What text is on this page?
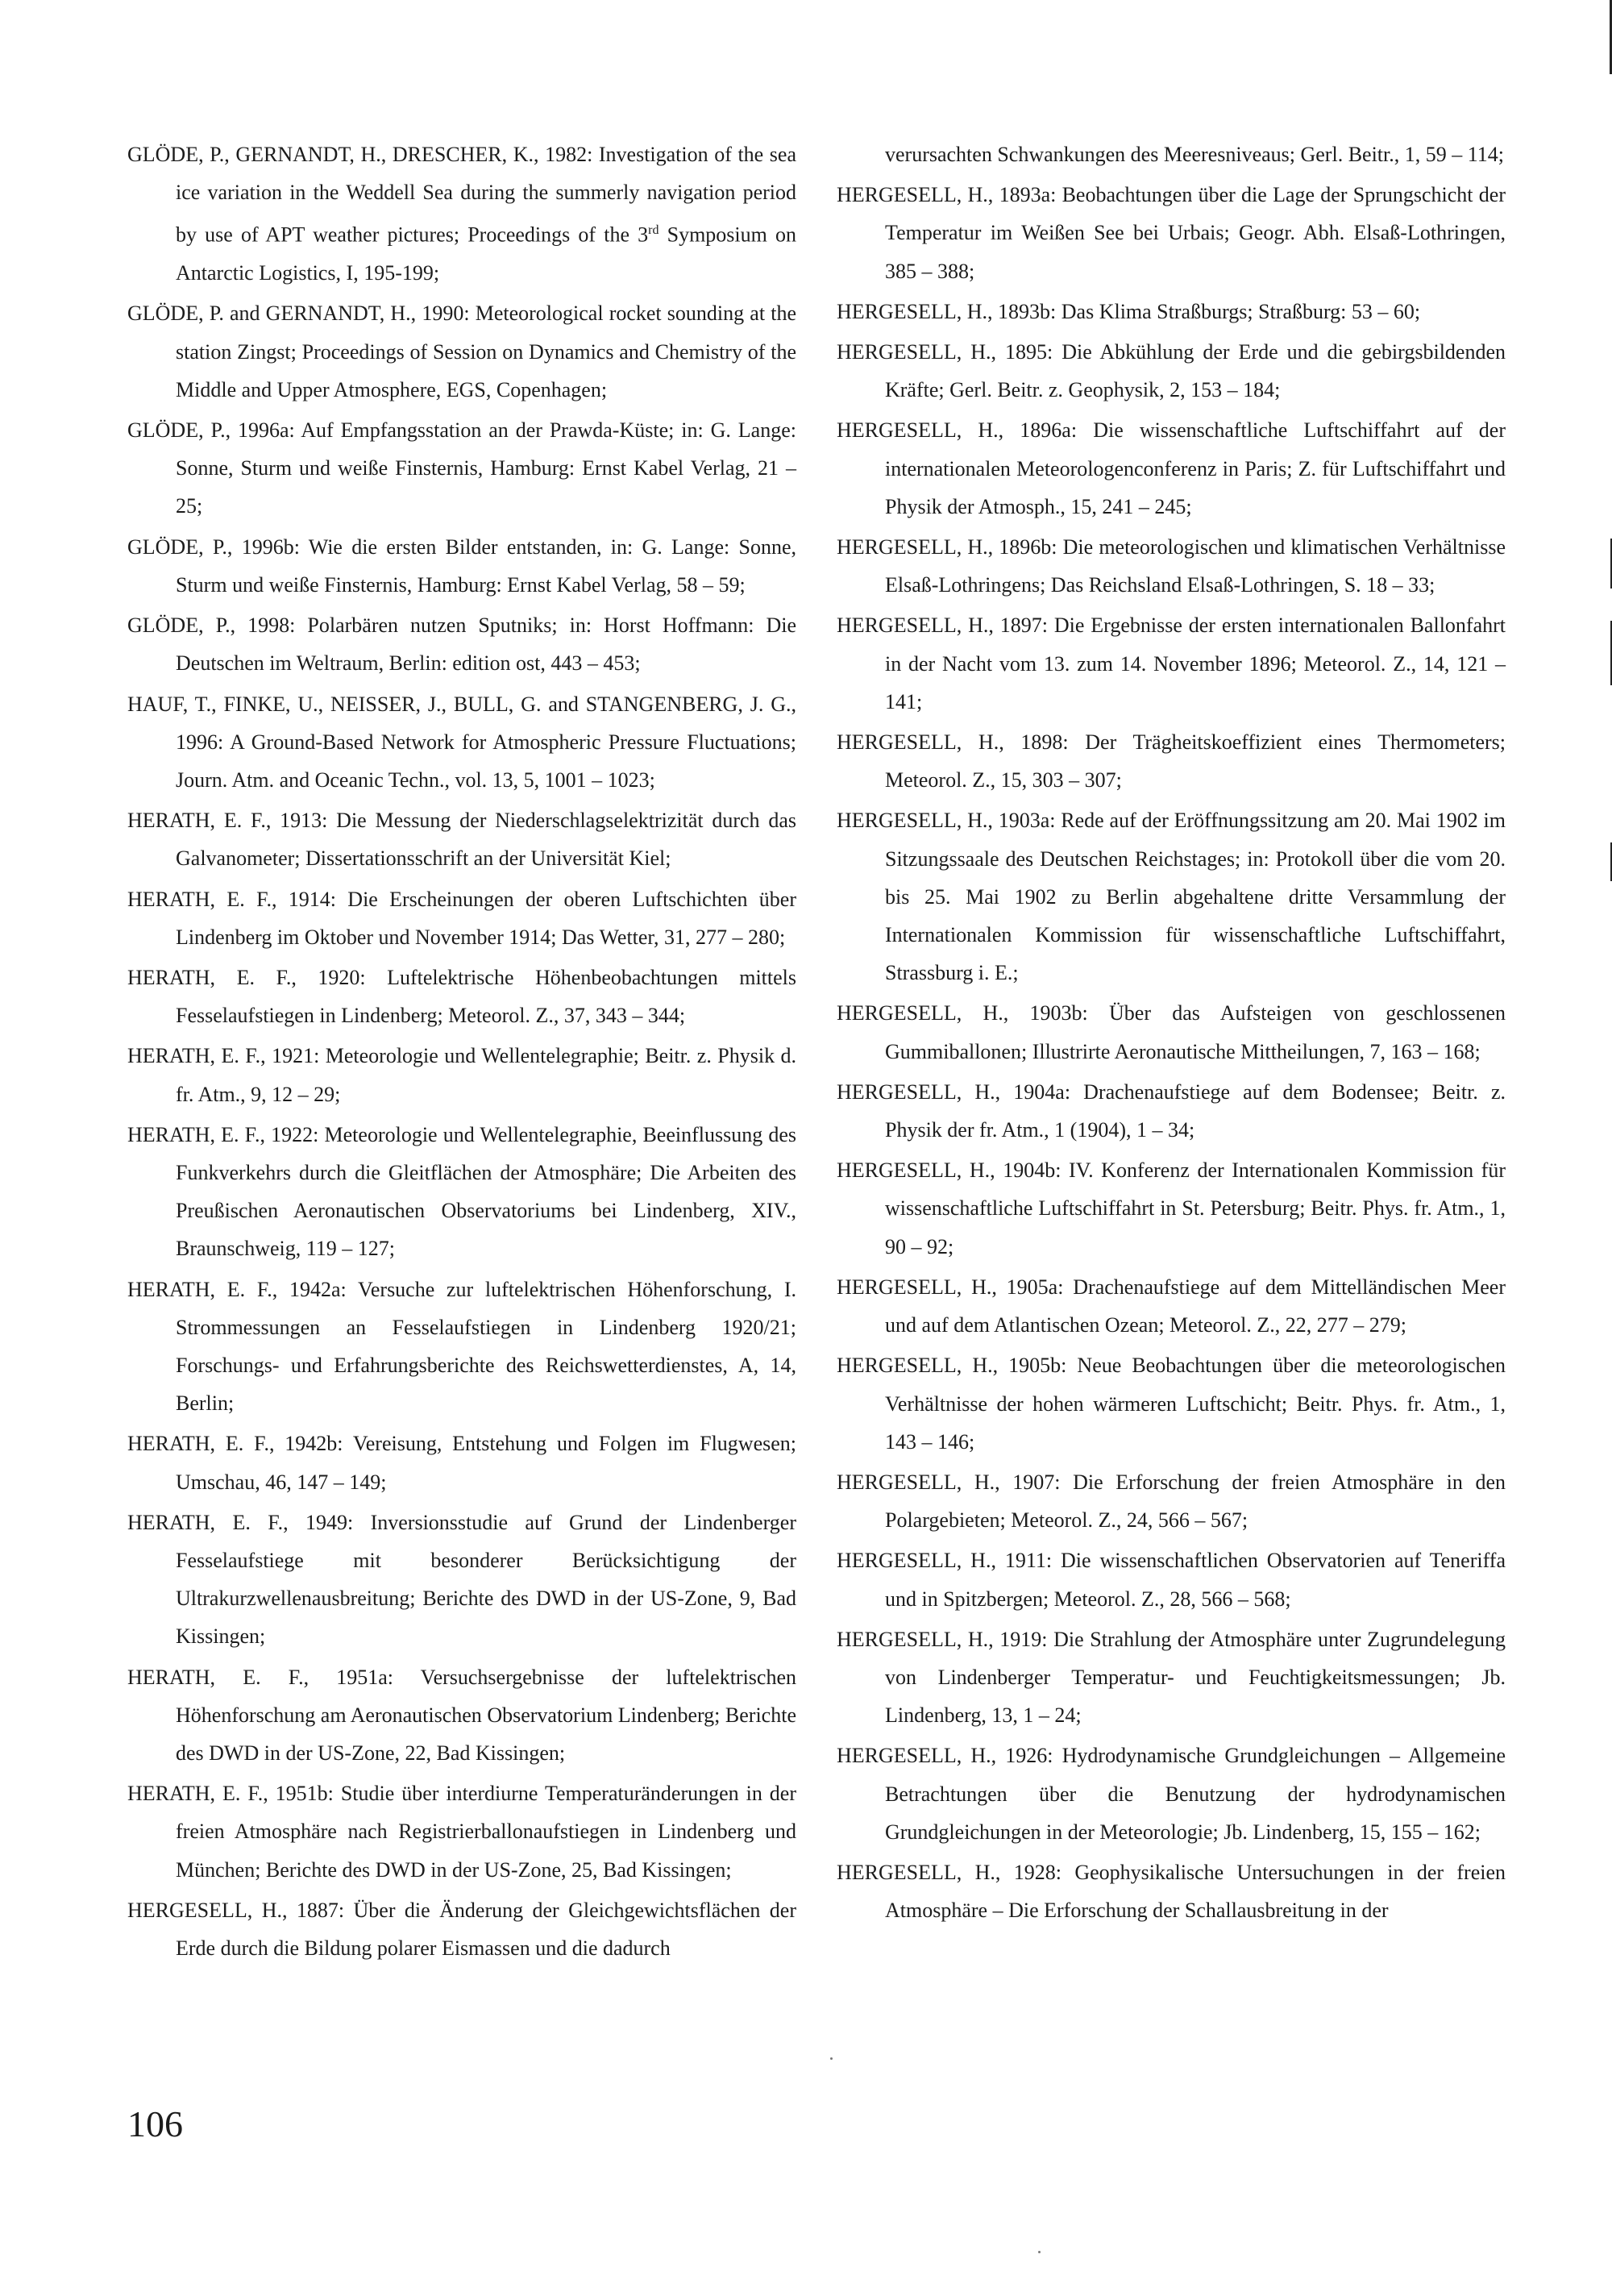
GLÖDE, P., GERNANDT, H., DRESCHER, K., 1982: Investigation of the sea ice variation in the Weddell Sea during the summerly navigation period by use of APT weather pictures; Proceedings of the 3rd Symposium on Antarctic Logistics, I, 195-199;

GLÖDE, P. and GERNANDT, H., 1990: Meteorological rocket sounding at the station Zingst; Proceedings of Session on Dynamics and Chemistry of the Middle and Upper Atmosphere, EGS, Copenhagen;

GLÖDE, P., 1996a: Auf Empfangsstation an der Prawda-Küste; in: G. Lange: Sonne, Sturm und weiße Finsternis, Hamburg: Ernst Kabel Verlag, 21 – 25;

GLÖDE, P., 1996b: Wie die ersten Bilder entstanden, in: G. Lange: Sonne, Sturm und weiße Finsternis, Hamburg: Ernst Kabel Verlag, 58 – 59;

GLÖDE, P., 1998: Polarbären nutzen Sputniks; in: Horst Hoffmann: Die Deutschen im Weltraum, Berlin: edition ost, 443 – 453;

HAUF, T., FINKE, U., NEISSER, J., BULL, G. and STANGENBERG, J. G., 1996: A Ground-Based Network for Atmospheric Pressure Fluctuations; Journ. Atm. and Oceanic Techn., vol. 13, 5, 1001 – 1023;

HERATH, E. F., 1913: Die Messung der Niederschlagselektrizität durch das Galvanometer; Dissertationsschrift an der Universität Kiel;

HERATH, E. F., 1914: Die Erscheinungen der oberen Luftschichten über Lindenberg im Oktober und November 1914; Das Wetter, 31, 277 – 280;

HERATH, E. F., 1920: Luftelektrische Höhenbeobachtungen mittels Fesselaufstiegen in Lindenberg; Meteorol. Z., 37, 343 – 344;

HERATH, E. F., 1921: Meteorologie und Wellentelegraphie; Beitr. z. Physik d. fr. Atm., 9, 12 – 29;

HERATH, E. F., 1922: Meteorologie und Wellentelegraphie, Beeinflussung des Funkverkehrs durch die Gleitflächen der Atmosphäre; Die Arbeiten des Preußischen Aeronautischen Observatoriums bei Lindenberg, XIV., Braunschweig, 119 – 127;

HERATH, E. F., 1942a: Versuche zur luftelektrischen Höhenforschung, I. Strommessungen an Fesselaufstiegen in Lindenberg 1920/21; Forschungs- und Erfahrungsberichte des Reichswetterdienstes, A, 14, Berlin;

HERATH, E. F., 1942b: Vereisung, Entstehung und Folgen im Flugwesen; Umschau, 46, 147 – 149;

HERATH, E. F., 1949: Inversionsstudie auf Grund der Lindenberger Fesselaufstiege mit besonderer Berücksichtigung der Ultrakurzwellenausbreitung; Berichte des DWD in der US-Zone, 9, Bad Kissingen;

HERATH, E. F., 1951a: Versuchsergebnisse der luftelektrischen Höhenforschung am Aeronautischen Observatorium Lindenberg; Berichte des DWD in der US-Zone, 22, Bad Kissingen;

HERATH, E. F., 1951b: Studie über interdiurne Temperaturänderungen in der freien Atmosphäre nach Registrierballonaufstiegen in Lindenberg und München; Berichte des DWD in der US-Zone, 25, Bad Kissingen;

HERGESELL, H., 1887: Über die Änderung der Gleichgewichtsflächen der Erde durch die Bildung polarer Eismassen und die dadurch

verursachten Schwankungen des Meeresniveaus; Gerl. Beitr., 1, 59 – 114;

HERGESELL, H., 1893a: Beobachtungen über die Lage der Sprungschicht der Temperatur im Weißen See bei Urbais; Geogr. Abh. Elsaß-Lothringen, 385 – 388;

HERGESELL, H., 1893b: Das Klima Straßburgs; Straßburg: 53 – 60;

HERGESELL, H., 1895: Die Abkühlung der Erde und die gebirgsbildenden Kräfte; Gerl. Beitr. z. Geophysik, 2, 153 – 184;

HERGESELL, H., 1896a: Die wissenschaftliche Luftschiffahrt auf der internationalen Meteorologenconferenz in Paris; Z. für Luftschiffahrt und Physik der Atmosph., 15, 241 – 245;

HERGESELL, H., 1896b: Die meteorologischen und klimatischen Verhältnisse Elsaß-Lothringens; Das Reichsland Elsaß-Lothringen, S. 18 – 33;

HERGESELL, H., 1897: Die Ergebnisse der ersten internationalen Ballonfahrt in der Nacht vom 13. zum 14. November 1896; Meteorol. Z., 14, 121 – 141;

HERGESELL, H., 1898: Der Trägheitskoeffizient eines Thermometers; Meteorol. Z., 15, 303 – 307;

HERGESELL, H., 1903a: Rede auf der Eröffnungssitzung am 20. Mai 1902 im Sitzungssaale des Deutschen Reichstages; in: Protokoll über die vom 20. bis 25. Mai 1902 zu Berlin abgehaltene dritte Versammlung der Internationalen Kommission für wissenschaftliche Luftschiffahrt, Strassburg i. E.;

HERGESELL, H., 1903b: Über das Aufsteigen von geschlossenen Gummiballonen; Illustrirte Aeronautische Mittheilungen, 7, 163 – 168;

HERGESELL, H., 1904a: Drachenaufstiege auf dem Bodensee; Beitr. z. Physik der fr. Atm., 1 (1904), 1 – 34;

HERGESELL, H., 1904b: IV. Konferenz der Internationalen Kommission für wissenschaftliche Luftschiffahrt in St. Petersburg; Beitr. Phys. fr. Atm., 1, 90 – 92;

HERGESELL, H., 1905a: Drachenaufstiege auf dem Mittelländischen Meer und auf dem Atlantischen Ozean; Meteorol. Z., 22, 277 – 279;

HERGESELL, H., 1905b: Neue Beobachtungen über die meteorologischen Verhältnisse der hohen wärmeren Luftschicht; Beitr. Phys. fr. Atm., 1, 143 – 146;

HERGESELL, H., 1907: Die Erforschung der freien Atmosphäre in den Polargebieten; Meteorol. Z., 24, 566 – 567;

HERGESELL, H., 1911: Die wissenschaftlichen Observatorien auf Teneriffa und in Spitzbergen; Meteorol. Z., 28, 566 – 568;

HERGESELL, H., 1919: Die Strahlung der Atmosphäre unter Zugrundelegung von Lindenberger Temperatur- und Feuchtigkeitsmessungen; Jb. Lindenberg, 13, 1 – 24;

HERGESELL, H., 1926: Hydrodynamische Grundgleichungen – Allgemeine Betrachtungen über die Benutzung der hydrodynamischen Grundgleichungen in der Meteorologie; Jb. Lindenberg, 15, 155 – 162;

HERGESELL, H., 1928: Geophysikalische Untersuchungen in der freien Atmosphäre – Die Erforschung der Schallausbreitung in der

106
